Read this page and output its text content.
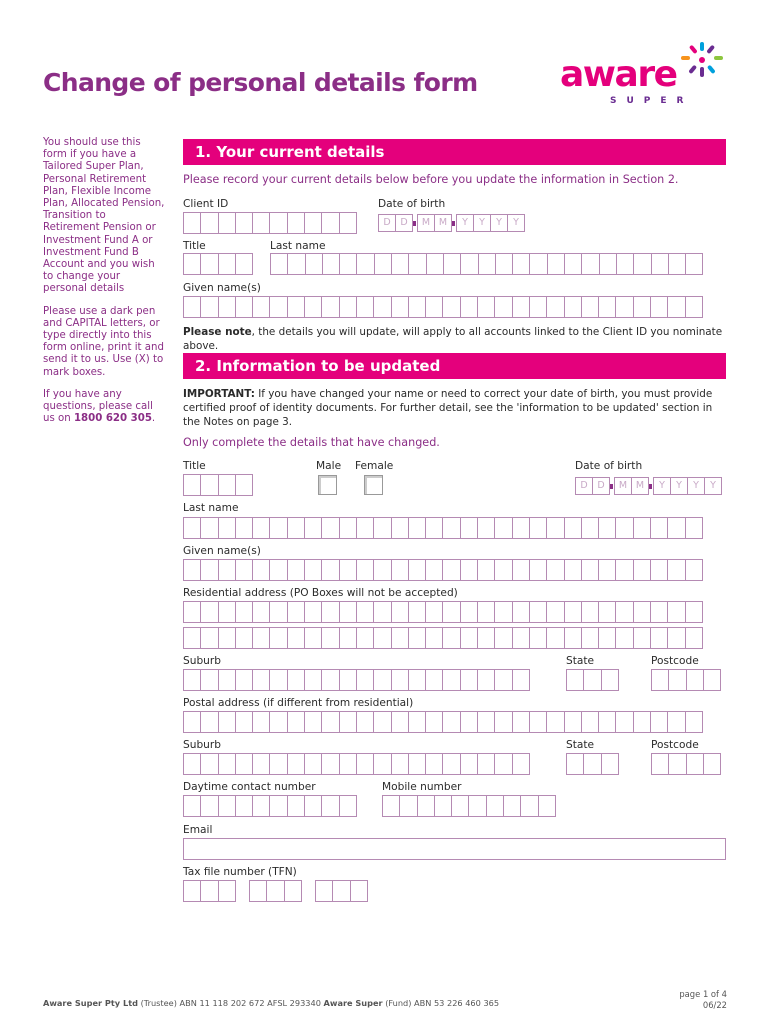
Change of personal details form aware
SUPER

You should use this form if you have a Tailored Super Plan, Personal Retirement Plan, Flexible Income Plan, Allocated Pension, Transition to Retirement Pension or Investment Fund A or Investment Fund B Account and you wish to change your personal details

Please use a dark pen and CAPITAL letters, or type directly into this form online, print it and send it to us. Use (X) to mark boxes.

If you have any questions, please call us on 1800 620 305.

1. Your current details
Please record your current details below before you update the information in Section 2.
Client ID	Date of birth
D	D	M M	Y	Y	Y	Y
Title	Last name
Given name(s)
Please note, the details you will update, will apply to all accounts linked to the Client ID you nominate above.
2. Information to be updated
IMPORTANT: If you have changed your name or need to correct your date of birth, you must provide certified proof of identity documents. For further detail, see the 'information to be updated' section in the Notes on page 3.
Only complete the details that have changed.
Title	Male Female	Date of birth
D	D	M M	Y	Y	Y	Y
Last name
Given name(s)
Residential address (PO Boxes will not be accepted)
Suburb	State	Postcode
Postal address (if different from residential)
Suburb	State	Postcode
Daytime contact number	Mobile number
Email
Tax file number (TFN)
Aware Super Pty Ltd (Trustee) ABN 11 118 202 672 AFSL 293340 Aware Super (Fund) ABN 53 226 460 365
page 1 of 4
06/22
